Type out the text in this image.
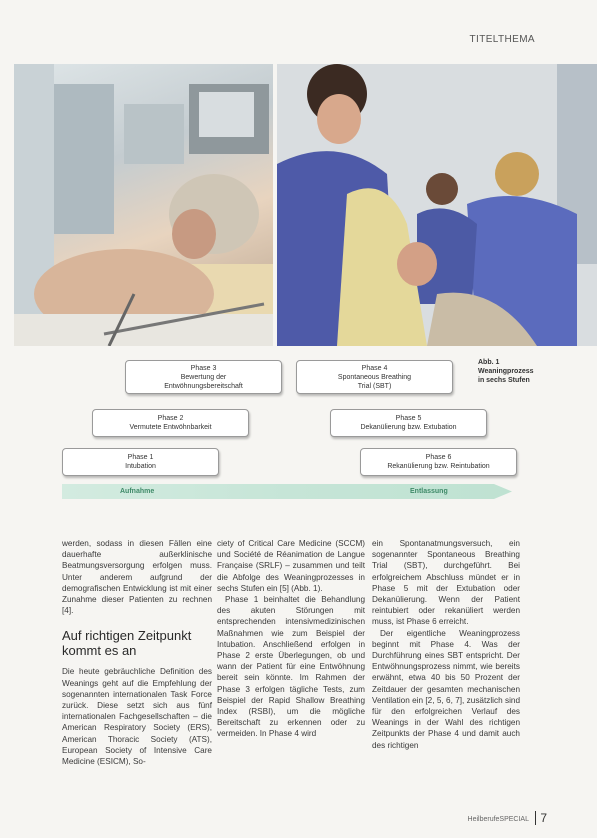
TITELTHEMA
Phase 3
Bewertung der
Entwöhnungsbereitschaft
Phase 4
Spontaneous Breathing
Trial (SBT)
Phase 2
Vermutete Entwöhnbarkeit
Phase 5
Dekanülierung bzw. Extubation
Phase 1
Intubation
Phase 6
Rekanülierung bzw. Reintubation
Abb. 1
Weaningprozess
in sechs Stufen
Aufnahme	Entlassung

werden, sodass in diesen Fällen eine dauerhafte außerklinische Beatmungsversorgung erfolgen muss. Unter anderem aufgrund der demografischen Entwicklung ist mit einer Zunahme dieser Patienten zu rechnen [4].

Auf richtigen Zeitpunkt kommt es an

Die heute gebräuchliche Definition des Weanings geht auf die Empfehlung der sogenannten internationalen Task Force zurück. Diese setzt sich aus fünf internationalen Fachgesellschaften – die American Respiratory Society (ERS), American Thoracic Society (ATS), European Society of Intensive Care Medicine (ESICM), So-

ciety of Critical Care Medicine (SCCM) und Société de Réanimation de Langue Française (SRLF) – zusammen und teilt die Abfolge des Weaningprozesses in sechs Stufen ein [5] (Abb. 1).

Phase 1 beinhaltet die Behandlung des akuten Störungen mit entsprechenden intensivmedizinischen Maßnahmen wie zum Beispiel der Intubation. Anschließend erfolgen in Phase 2 erste Überlegungen, ob und wann der Patient für eine Entwöhnung bereit sein könnte. Im Rahmen der Phase 3 erfolgen tägliche Tests, zum Beispiel der Rapid Shallow Breathing Index (RSBI), um die mögliche Bereitschaft zu erkennen oder zu vermeiden. In Phase 4 wird

ein Spontanatmungsversuch, ein sogenannter Spontaneous Breathing Trial (SBT), durchgeführt. Bei erfolgreichem Abschluss mündet er in Phase 5 mit der Extubation oder Dekanülierung. Wenn der Patient reintubiert oder rekanüliert werden muss, ist Phase 6 erreicht.

Der eigentliche Weaningprozess beginnt mit Phase 4. Was der Durchführung eines SBT entspricht. Der Entwöhnungsprozess nimmt, wie bereits erwähnt, etwa 40 bis 50 Prozent der Zeitdauer der gesamten mechanischen Ventilation ein [2, 5, 6, 7], zusätzlich sind für den erfolgreichen Verlauf des Weanings in der Wahl des richtigen Zeitpunkts der Phase 4 und damit auch des richtigen

HeilberufeSPECIAL 7
